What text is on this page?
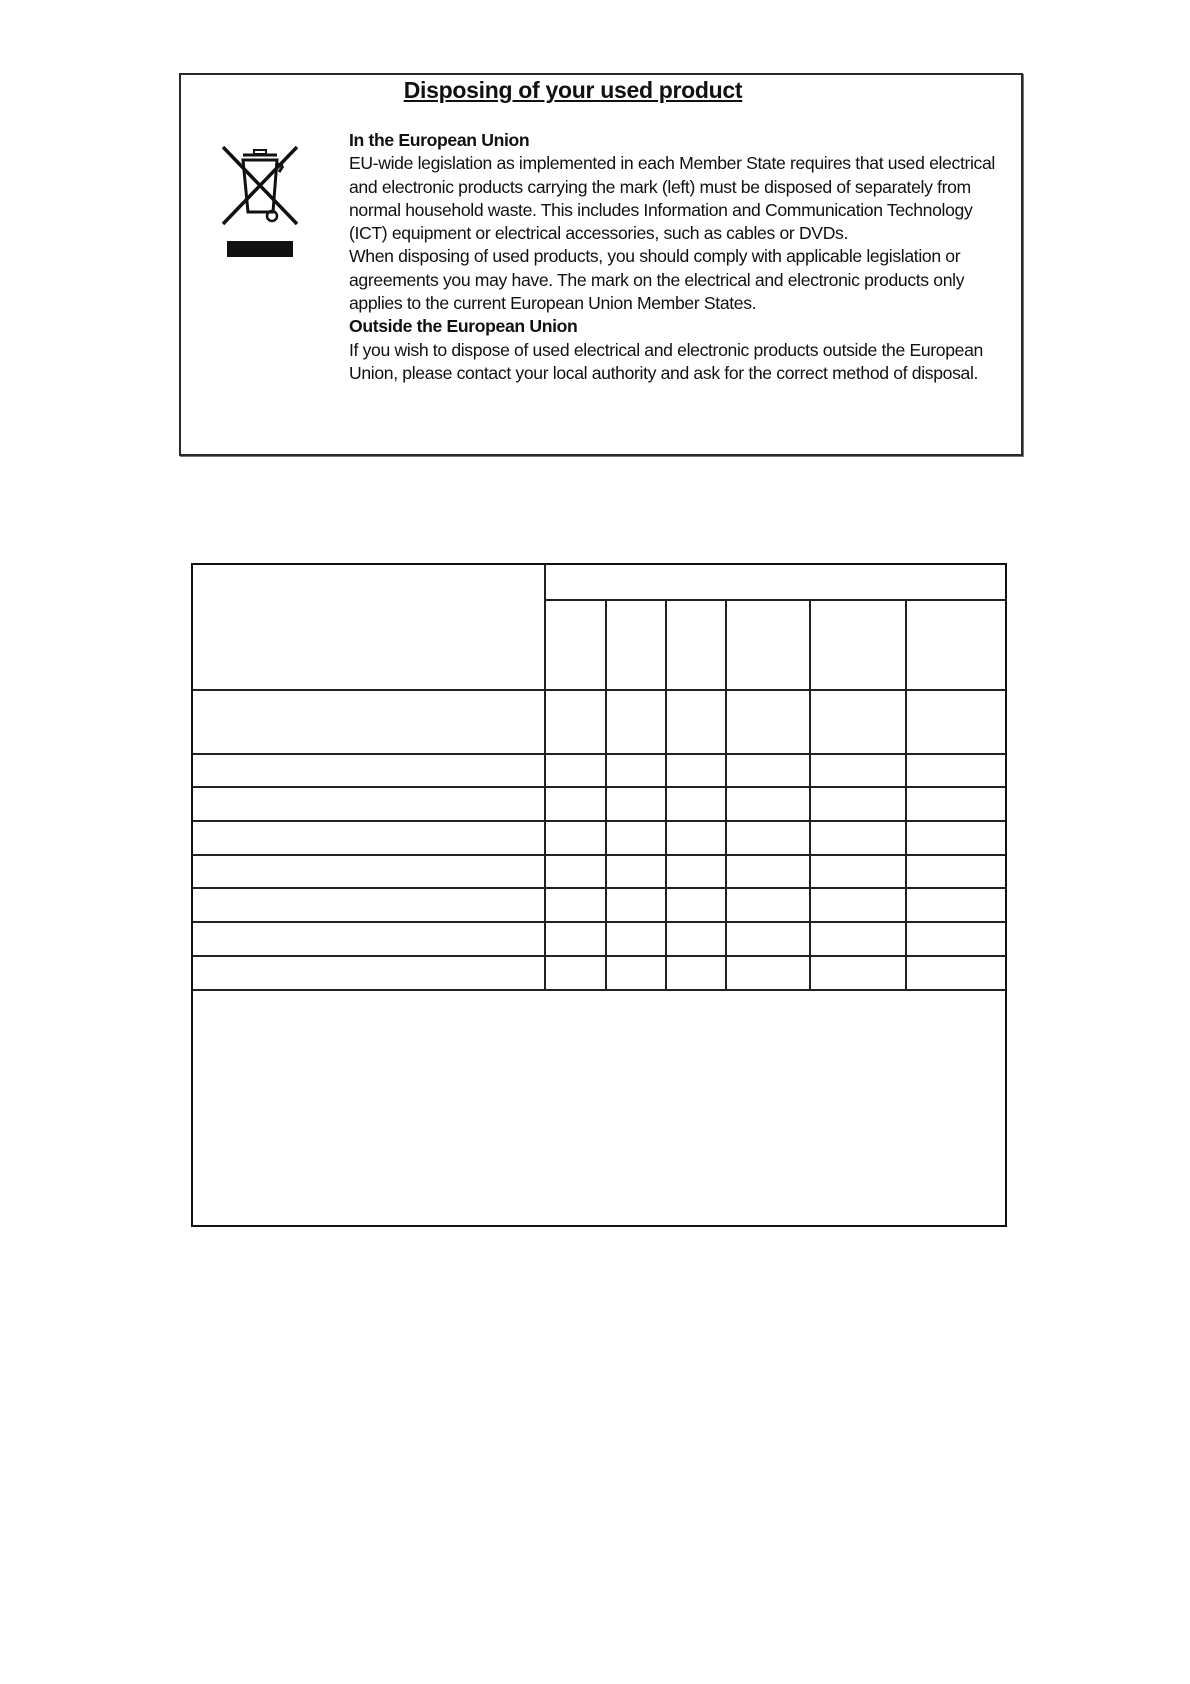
Disposing of your used product

In the European Union

EU-wide legislation as implemented in each Member State requires that used electrical and electronic products carrying the mark (left) must be disposed of separately from normal household waste. This includes Information and Communication Technology (ICT) equipment or electrical accessories, such as cables or DVDs.

When disposing of used products, you should comply with applicable legislation or agreements you may have. The mark on the electrical and electronic products only applies to the current European Union Member States.

Outside the European Union

If you wish to dispose of used electrical and electronic products outside the European Union, please contact your local authority and ask for the correct method of disposal.
